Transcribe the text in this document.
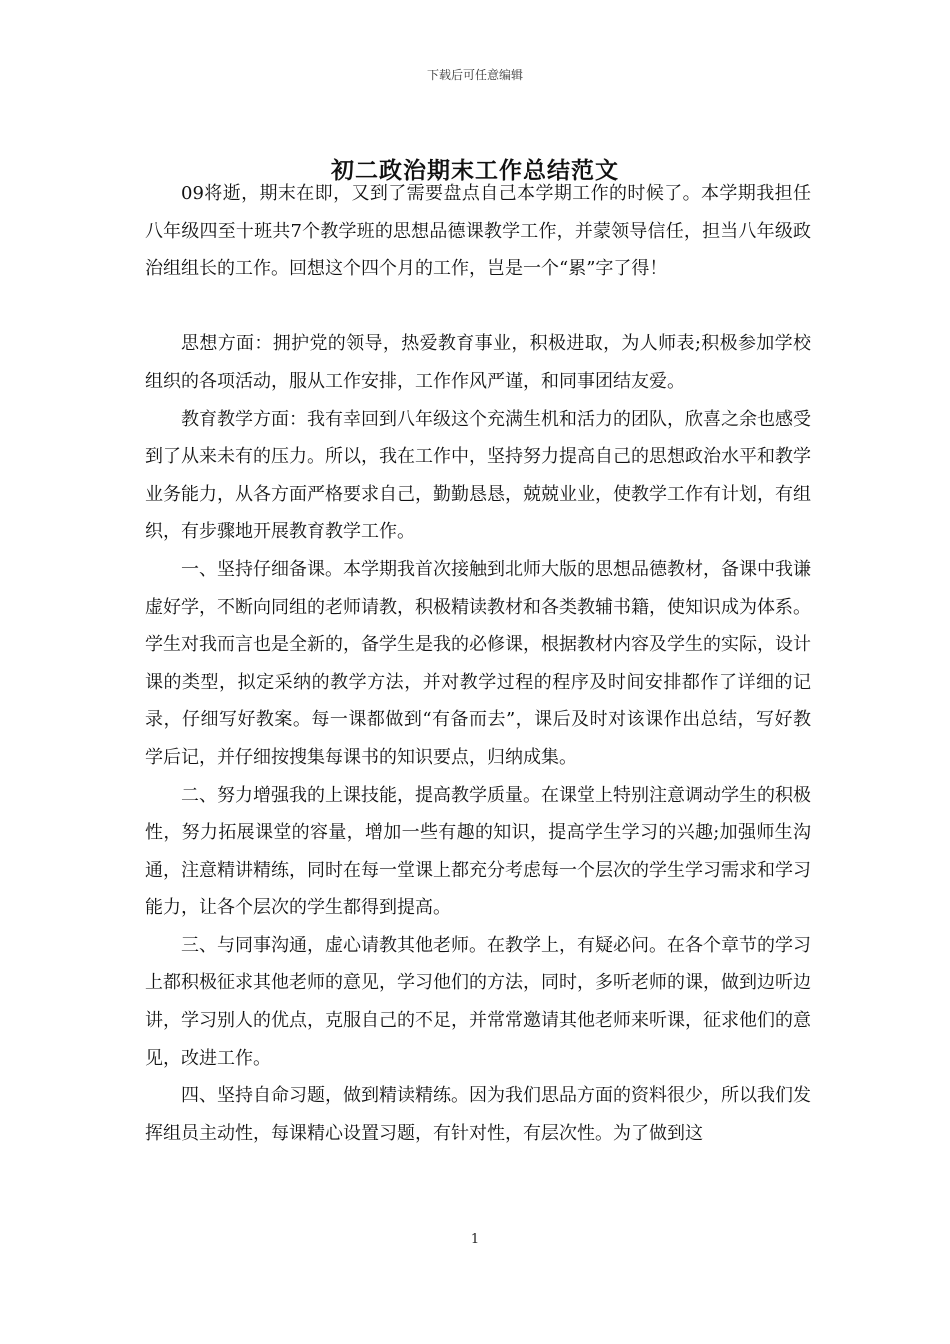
下载后可任意编辑
初二政治期末工作总结范文

09将逝，期末在即，又到了需要盘点自己本学期工作的时候了。本学期我担任八年级四至十班共7个教学班的思想品德课教学工作，并蒙领导信任，担当八年级政治组组长的工作。回想这个四个月的工作，岂是一个“累”字了得！

思想方面：拥护党的领导，热爱教育事业，积极进取，为人师表;积极参加学校组织的各项活动，服从工作安排，工作作风严谨，和同事团结友爱。

教育教学方面：我有幸回到八年级这个充满生机和活力的团队，欣喜之余也感受到了从来未有的压力。所以，我在工作中，坚持努力提高自己的思想政治水平和教学业务能力，从各方面严格要求自己，勤勤恳恳，兢兢业业，使教学工作有计划，有组织，有步骤地开展教育教学工作。

一、坚持仔细备课。本学期我首次接触到北师大版的思想品德教材，备课中我谦虚好学，不断向同组的老师请教，积极精读教材和各类教辅书籍，使知识成为体系。学生对我而言也是全新的，备学生是我的必修课，根据教材内容及学生的实际，设计课的类型，拟定采纳的教学方法，并对教学过程的程序及时间安排都作了详细的记录，仔细写好教案。每一课都做到“有备而去”，课后及时对该课作出总结，写好教学后记，并仔细按搜集每课书的知识要点，归纳成集。

二、努力增强我的上课技能，提高教学质量。在课堂上特别注意调动学生的积极性，努力拓展课堂的容量，增加一些有趣的知识，提高学生学习的兴趣;加强师生沟通，注意精讲精练，同时在每一堂课上都充分考虑每一个层次的学生学习需求和学习能力，让各个层次的学生都得到提高。

三、与同事沟通，虚心请教其他老师。在教学上，有疑必问。在各个章节的学习上都积极征求其他老师的意见，学习他们的方法，同时，多听老师的课，做到边听边讲，学习别人的优点，克服自己的不足，并常常邀请其他老师来听课，征求他们的意见，改进工作。

四、坚持自命习题，做到精读精练。因为我们思品方面的资料很少，所以我们发挥组员主动性，每课精心设置习题，有针对性，有层次性。为了做到这

1
